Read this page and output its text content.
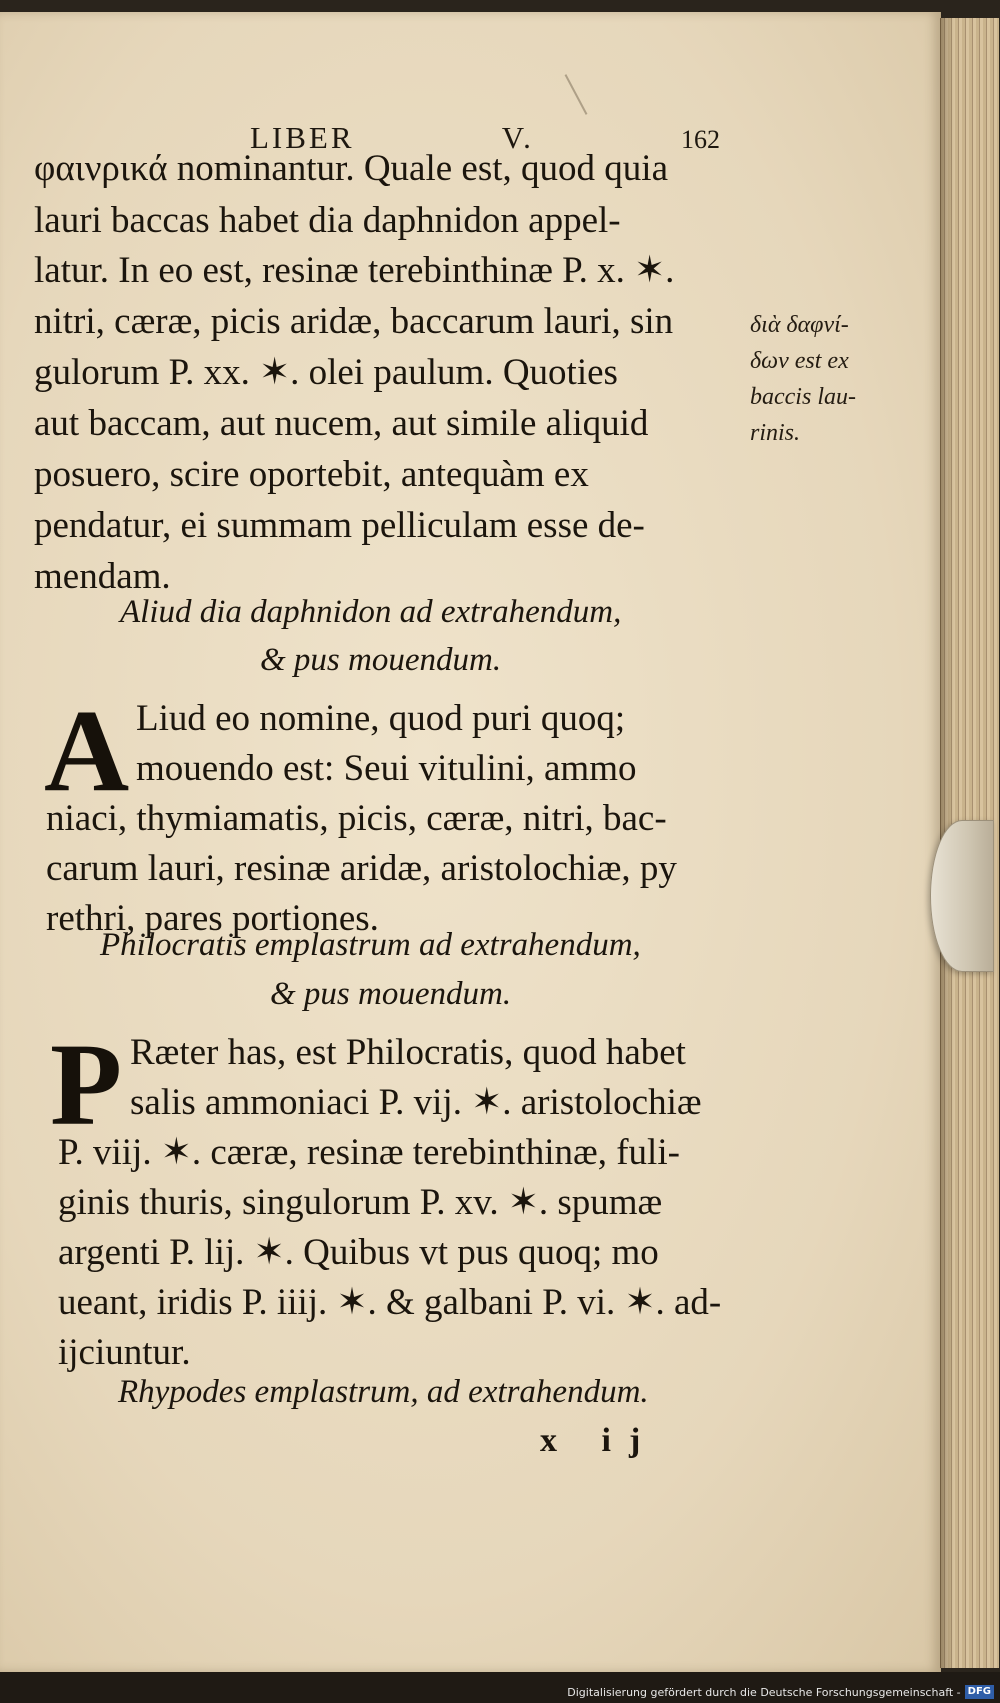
LIBER	V.	162
φαινρικά nominantur. Quale est, quod quia
lauri baccas habet dia daphnidon appel-
latur. In eo est, resinæ terebinthinæ P. x. ✶.
nitri, cæræ, picis aridæ, baccarum lauri, sin
gulorum P. xx. ✶. olei paulum. Quoties
aut baccam, aut nucem, aut simile aliquid
posuero, scire oportebit, antequàm ex
pendatur, ei summam pelliculam esse de-
mendam.
διὰ δαφνί-
δων est ex
baccis lau-
rinis.
Aliud dia daphnidon ad extrahendum,
& pus mouendum.
A Liud eo nomine, quod puri quoq;
mouendo est: Seui vitulini, ammo
niaci, thymiamatis, picis, cæræ, nitri, bac-
carum lauri, resinæ aridæ, aristolochiæ, py
rethri, pares portiones.
Philocratis emplastrum ad extrahendum,
& pus mouendum.
P Ræter has, est Philocratis, quod habet
salis ammoniaci P. vij. ✶. aristolochiæ
P. viij. ✶. cæræ, resinæ terebinthinæ, fuli-
ginis thuris, singulorum P. xv. ✶. spumæ
argenti P. lij. ✶. Quibus vt pus quoq; mo
ueant, iridis P. iiij. ✶. & galbani P. vi. ✶. ad-
ijciuntur.
Rhypodes emplastrum, ad extrahendum.
x ij
Digitalisierung gefördert durch die Deutsche Forschungsgemeinschaft - DFG
